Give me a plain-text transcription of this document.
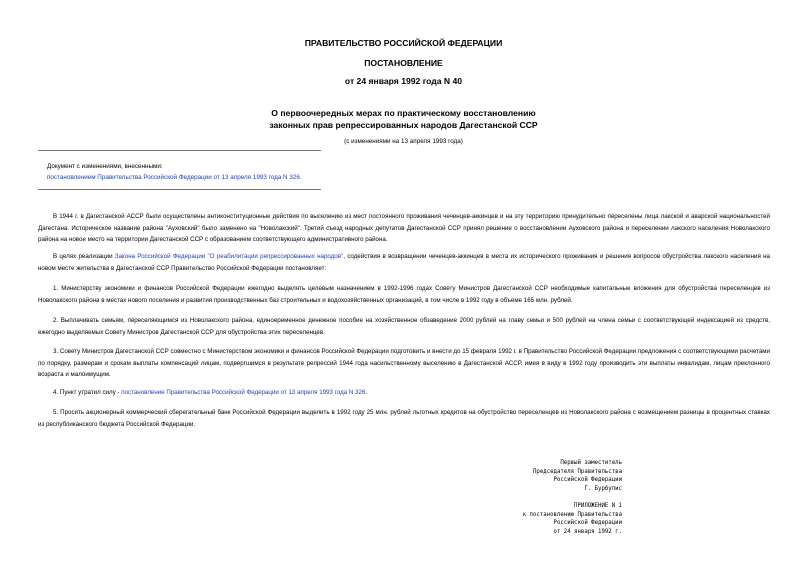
ПРАВИТЕЛЬСТВО РОССИЙСКОЙ ФЕДЕРАЦИИ
ПОСТАНОВЛЕНИЕ
от 24 января 1992 года N 40
О первоочередных мерах по практическому восстановлению
законных прав репрессированных народов Дагестанской ССР
(с изменениями на 13 апреля 1993 года)
Документ с изменениями, внесенными:
постановлением Правительства Российской Федерации от 13 апреля 1993 года N 326.

В 1944 г. в Дагестанской АССР были осуществлены антиконституционные действия по выселению из мест постоянного проживания чеченцев-аккинцев и на эту территорию принудительно переселены лица лакской и аварской национальностей Дагестана. Историческое название района "Ауховский" было заменено на "Новолакский". Третий съезд народных депутатов Дагестанской ССР принял решение о восстановлении Ауховского района и переселении лакского населения Новолакского района на новое место на территории Дагестанской ССР с образованием соответствующего административного района.

В целях реализации Закона Российской Федерации "О реабилитации репрессированных народов", содействия в возвращении чеченцев-аккинцев в места их исторического проживания и решения вопросов обустройства лакского населения на новом месте жительства в Дагестанской ССР Правительство Российской Федерации постановляет:

1. Министерству экономики и финансов Российской Федерации ежегодно выделять целевым назначением в 1992-1996 годах Совету Министров Дагестанской ССР необходимые капитальные вложения для обустройства переселенцев из Новолакского района в местах нового поселения и развития производственных баз строительных и водохозяйственных организаций, в том числе в 1992 году в объеме 165 млн. рублей.

2. Выплачивать семьям, переселяющимся из Новолакского района, единоеременное денежное пособие на хозяйственное обзаведение 2000 рублей на главу семьи и 500 рублей на члена семьи с соответствующей индексацией из средств, ежегодно выделяемых Совету Министров Дагестанской ССР для обустройства этих переселенцев.

3. Совету Министров Дагестанской ССР совместно с Министерством экономики и финансов Российской Федерации подготовить и внести до 15 февраля 1992 г. в Правительство Российской Федерации предложения с соответствующими расчетами по порядку, размерам и срокам выплаты компенсаций лицам, подвергшимся в результате репрессий 1944 года насильственному выселению в Дагестанской АССР, имея в виду в 1992 году производить эти выплаты инвалидам, лицам преклонного возраста и малоимущим.

4. Пункт утратил силу - постановление Правительства Российской Федерации от 13 апреля 1993 года N 326.

5. Просить акционерный коммерческий сберегательный банк Российской Федерации выделить в 1992 году 25 млн. рублей льготных кредитов на обустройство переселенцев из Новолакского района с возмещением разницы в процентных ставках из республиканского бюджета Российской Федерации.

Первый заместитель
Председателя Правительства
Российской Федерации
Г. Бурбулис
ПРИЛОЖЕНИЕ N 1
к постановлению Правительства
Российской Федерации
от 24 января 1992 г.
